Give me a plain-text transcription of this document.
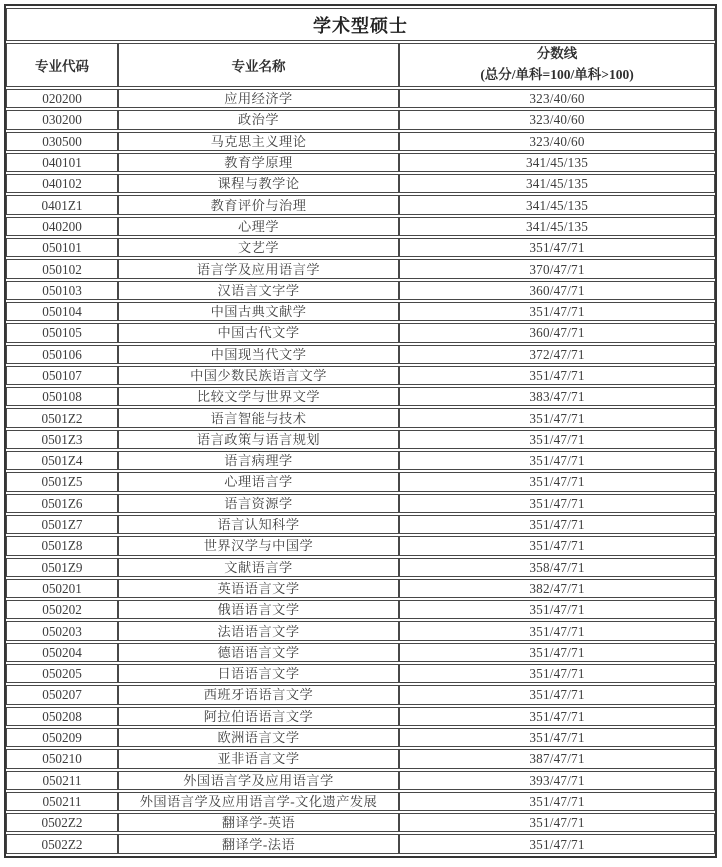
学术型硕士		
专业代码	专业名称	分数线
(总分/单科=100/单科>100)

020200	应用经济学	323/40/60
030200	政治学	323/40/60
030500	马克思主义理论	323/40/60
040101	教育学原理	341/45/135
040102	课程与教学论	341/45/135
0401Z1	教育评价与治理	341/45/135
040200	心理学	341/45/135
050101	文艺学	351/47/71
050102	语言学及应用语言学	370/47/71
050103	汉语言文字学	360/47/71
050104	中国古典文献学	351/47/71
050105	中国古代文学	360/47/71
050106	中国现当代文学	372/47/71
050107	中国少数民族语言文学	351/47/71
050108	比较文学与世界文学	383/47/71
0501Z2	语言智能与技术	351/47/71
0501Z3	语言政策与语言规划	351/47/71
0501Z4	语言病理学	351/47/71
0501Z5	心理语言学	351/47/71
0501Z6	语言资源学	351/47/71
0501Z7	语言认知科学	351/47/71
0501Z8	世界汉学与中国学	351/47/71
0501Z9	文献语言学	358/47/71
050201	英语语言文学	382/47/71
050202	俄语语言文学	351/47/71
050203	法语语言文学	351/47/71
050204	德语语言文学	351/47/71
050205	日语语言文学	351/47/71
050207	西班牙语语言文学	351/47/71
050208	阿拉伯语语言文学	351/47/71
050209	欧洲语言文学	351/47/71
050210	亚非语言文学	387/47/71
050211	外国语言学及应用语言学	393/47/71
050211	外国语言学及应用语言学-文化遗产发展	351/47/71
0502Z2	翻译学-英语	351/47/71
0502Z2	翻译学-法语	351/47/71
